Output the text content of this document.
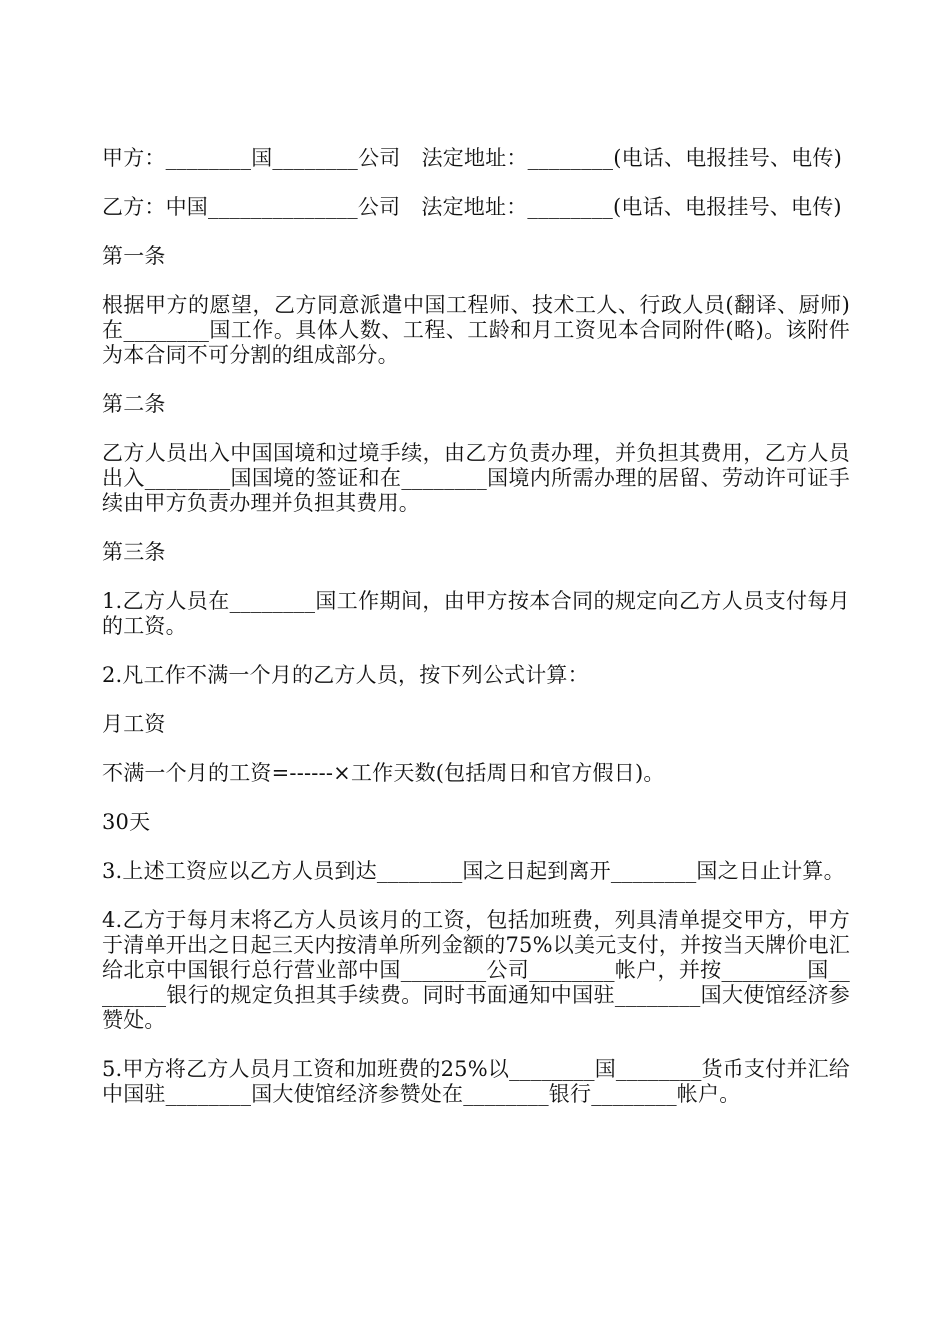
甲方：________国________公司　法定地址：________(电话、电报挂号、电传)

乙方：中国______________公司　法定地址：________(电话、电报挂号、电传)

第一条

根据甲方的愿望，乙方同意派遣中国工程师、技术工人、行政人员(翻译、厨师)在________国工作。具体人数、工程、工龄和月工资见本合同附件(略)。该附件为本合同不可分割的组成部分。

第二条

乙方人员出入中国国境和过境手续，由乙方负责办理，并负担其费用，乙方人员出入________国国境的签证和在________国境内所需办理的居留、劳动许可证手续由甲方负责办理并负担其费用。

第三条

1.乙方人员在________国工作期间，由甲方按本合同的规定向乙方人员支付每月的工资。

2.凡工作不满一个月的乙方人员，按下列公式计算：

月工资

不满一个月的工资=------×工作天数(包括周日和官方假日)。

30天

3.上述工资应以乙方人员到达________国之日起到离开________国之日止计算。

4.乙方于每月末将乙方人员该月的工资，包括加班费，列具清单提交甲方，甲方于清单开出之日起三天内按清单所列金额的75%以美元支付，并按当天牌价电汇给北京中国银行总行营业部中国________公司________帐户，并按________国________银行的规定负担其手续费。同时书面通知中国驻________国大使馆经济参赞处。

5.甲方将乙方人员月工资和加班费的25%以________国________货币支付并汇给中国驻________国大使馆经济参赞处在________银行________帐户。
